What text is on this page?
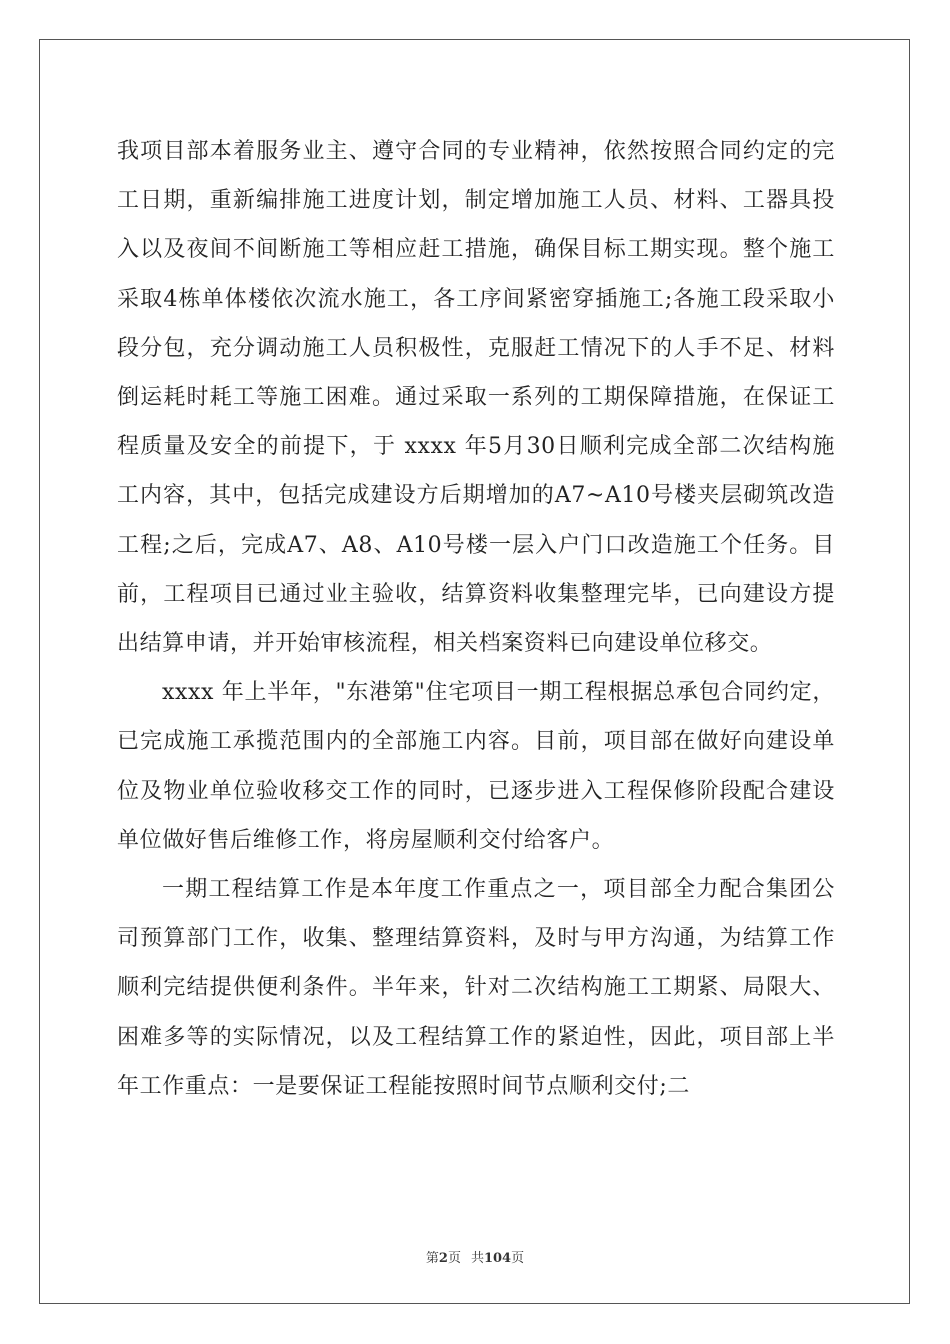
我项目部本着服务业主、遵守合同的专业精神，依然按照合同约定的完工日期，重新编排施工进度计划，制定增加施工人员、材料、工器具投入以及夜间不间断施工等相应赶工措施，确保目标工期实现。整个施工采取4栋单体楼依次流水施工，各工序间紧密穿插施工;各施工段采取小段分包，充分调动施工人员积极性，克服赶工情况下的人手不足、材料倒运耗时耗工等施工困难。通过采取一系列的工期保障措施，在保证工程质量及安全的前提下，于 xxxx 年5月30日顺利完成全部二次结构施工内容，其中，包括完成建设方后期增加的A7~A10号楼夹层砌筑改造工程;之后，完成A7、A8、A10号楼一层入户门口改造施工个任务。目前，工程项目已通过业主验收，结算资料收集整理完毕，已向建设方提出结算申请，并开始审核流程，相关档案资料已向建设单位移交。

xxxx 年上半年，"东港第"住宅项目一期工程根据总承包合同约定，已完成施工承揽范围内的全部施工内容。目前，项目部在做好向建设单位及物业单位验收移交工作的同时，已逐步进入工程保修阶段配合建设单位做好售后维修工作，将房屋顺利交付给客户。

一期工程结算工作是本年度工作重点之一，项目部全力配合集团公司预算部门工作，收集、整理结算资料，及时与甲方沟通，为结算工作顺利完结提供便利条件。半年来，针对二次结构施工工期紧、局限大、困难多等的实际情况，以及工程结算工作的紧迫性，因此，项目部上半年工作重点：一是要保证工程能按照时间节点顺利交付;二

第2页 共104页
